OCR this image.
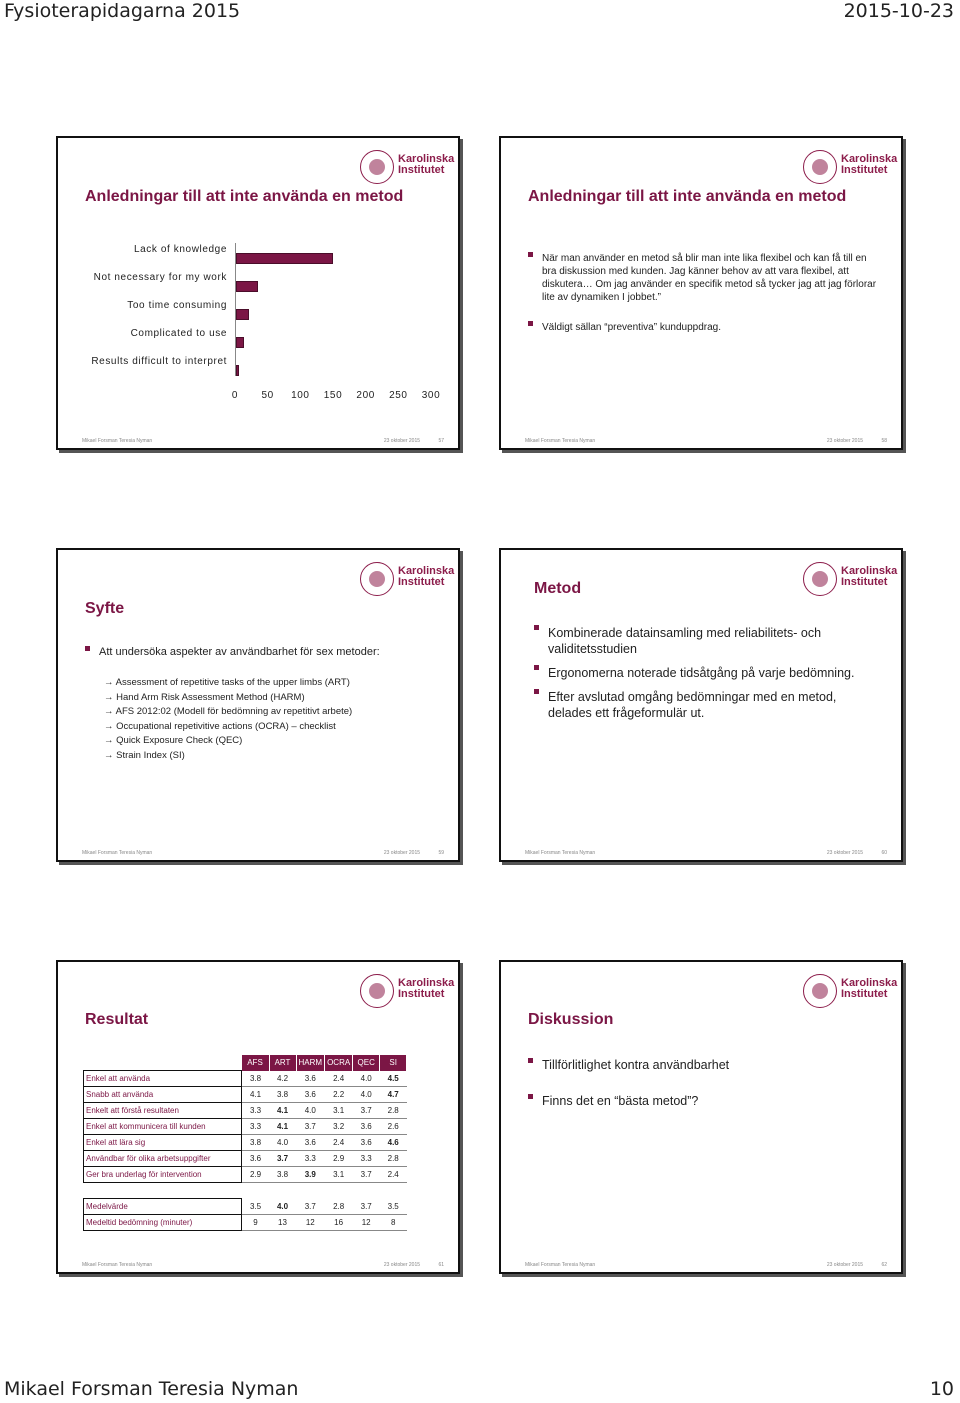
Fysioterapidagarna 2015	2015-10-23
Karolinska
Institutet
Anledningar till att inte använda en metod
Lack of knowledge
Not necessary for my work
Too time consuming
Complicated to use
Results difficult to interpret
0	50	100	150	200	250	300
Mikael Forsman Teresia Nyman	23 oktober 2015	57
Karolinska
Institutet
Anledningar till att inte använda en metod
När man använder en metod så blir man inte lika flexibel och kan få till en bra diskussion med kunden. Jag känner behov av att vara flexibel, att diskutera… Om jag använder en specifik metod så tycker jag att jag förlorar lite av dynamiken I jobbet.”
Väldigt sällan “preventiva” kunduppdrag.
Mikael Forsman Teresia Nyman	23 oktober 2015	58
Karolinska
Institutet
Syfte
Att undersöka aspekter av användbarhet för sex metoder:
→ Assessment of repetitive tasks of the upper limbs (ART)
→ Hand Arm Risk Assessment Method (HARM)
→ AFS 2012:02 (Modell för bedömning av repetitivt arbete)
→ Occupational repetivitive actions (OCRA) – checklist
→ Quick Exposure Check (QEC)
→ Strain Index (SI)
Mikael Forsman Teresia Nyman	23 oktober 2015	59
Karolinska
Institutet
Metod
Kombinerade datainsamling med reliabilitets- och validitetsstudien
Ergonomerna noterade tidsåtgång på varje bedömning.
Efter avslutad omgång bedömningar med en metod, delades ett frågeformulär ut.
Mikael Forsman Teresia Nyman	23 oktober 2015	60
Karolinska
Institutet
Resultat
	AFS	ART	HARM	OCRA	QEC	SI
Enkel att använda	3.8	4.2	3.6	2.4	4.0	4.5
Snabb att använda	4.1	3.8	3.6	2.2	4.0	4.7
Enkelt att förstå resultaten	3.3	4.1	4.0	3.1	3.7	2.8
Enkel att kommunicera till kunden	3.3	4.1	3.7	3.2	3.6	2.6
Enkel att lära sig	3.8	4.0	3.6	2.4	3.6	4.6
Användbar för olika arbetsuppgifter	3.6	3.7	3.3	2.9	3.3	2.8
Ger bra underlag för intervention	2.9	3.8	3.9	3.1	3.7	2.4

Medelvärde	3.5	4.0	3.7	2.8	3.7	3.5
Medeltid bedömning (minuter)	9	13	12	16	12	8
Mikael Forsman Teresia Nyman	23 oktober 2015	61
Karolinska
Institutet
Diskussion
Tillförlitlighet kontra användbarhet
Finns det en “bästa metod”?
Mikael Forsman Teresia Nyman	23 oktober 2015	62
Mikael Forsman Teresia Nyman	10
